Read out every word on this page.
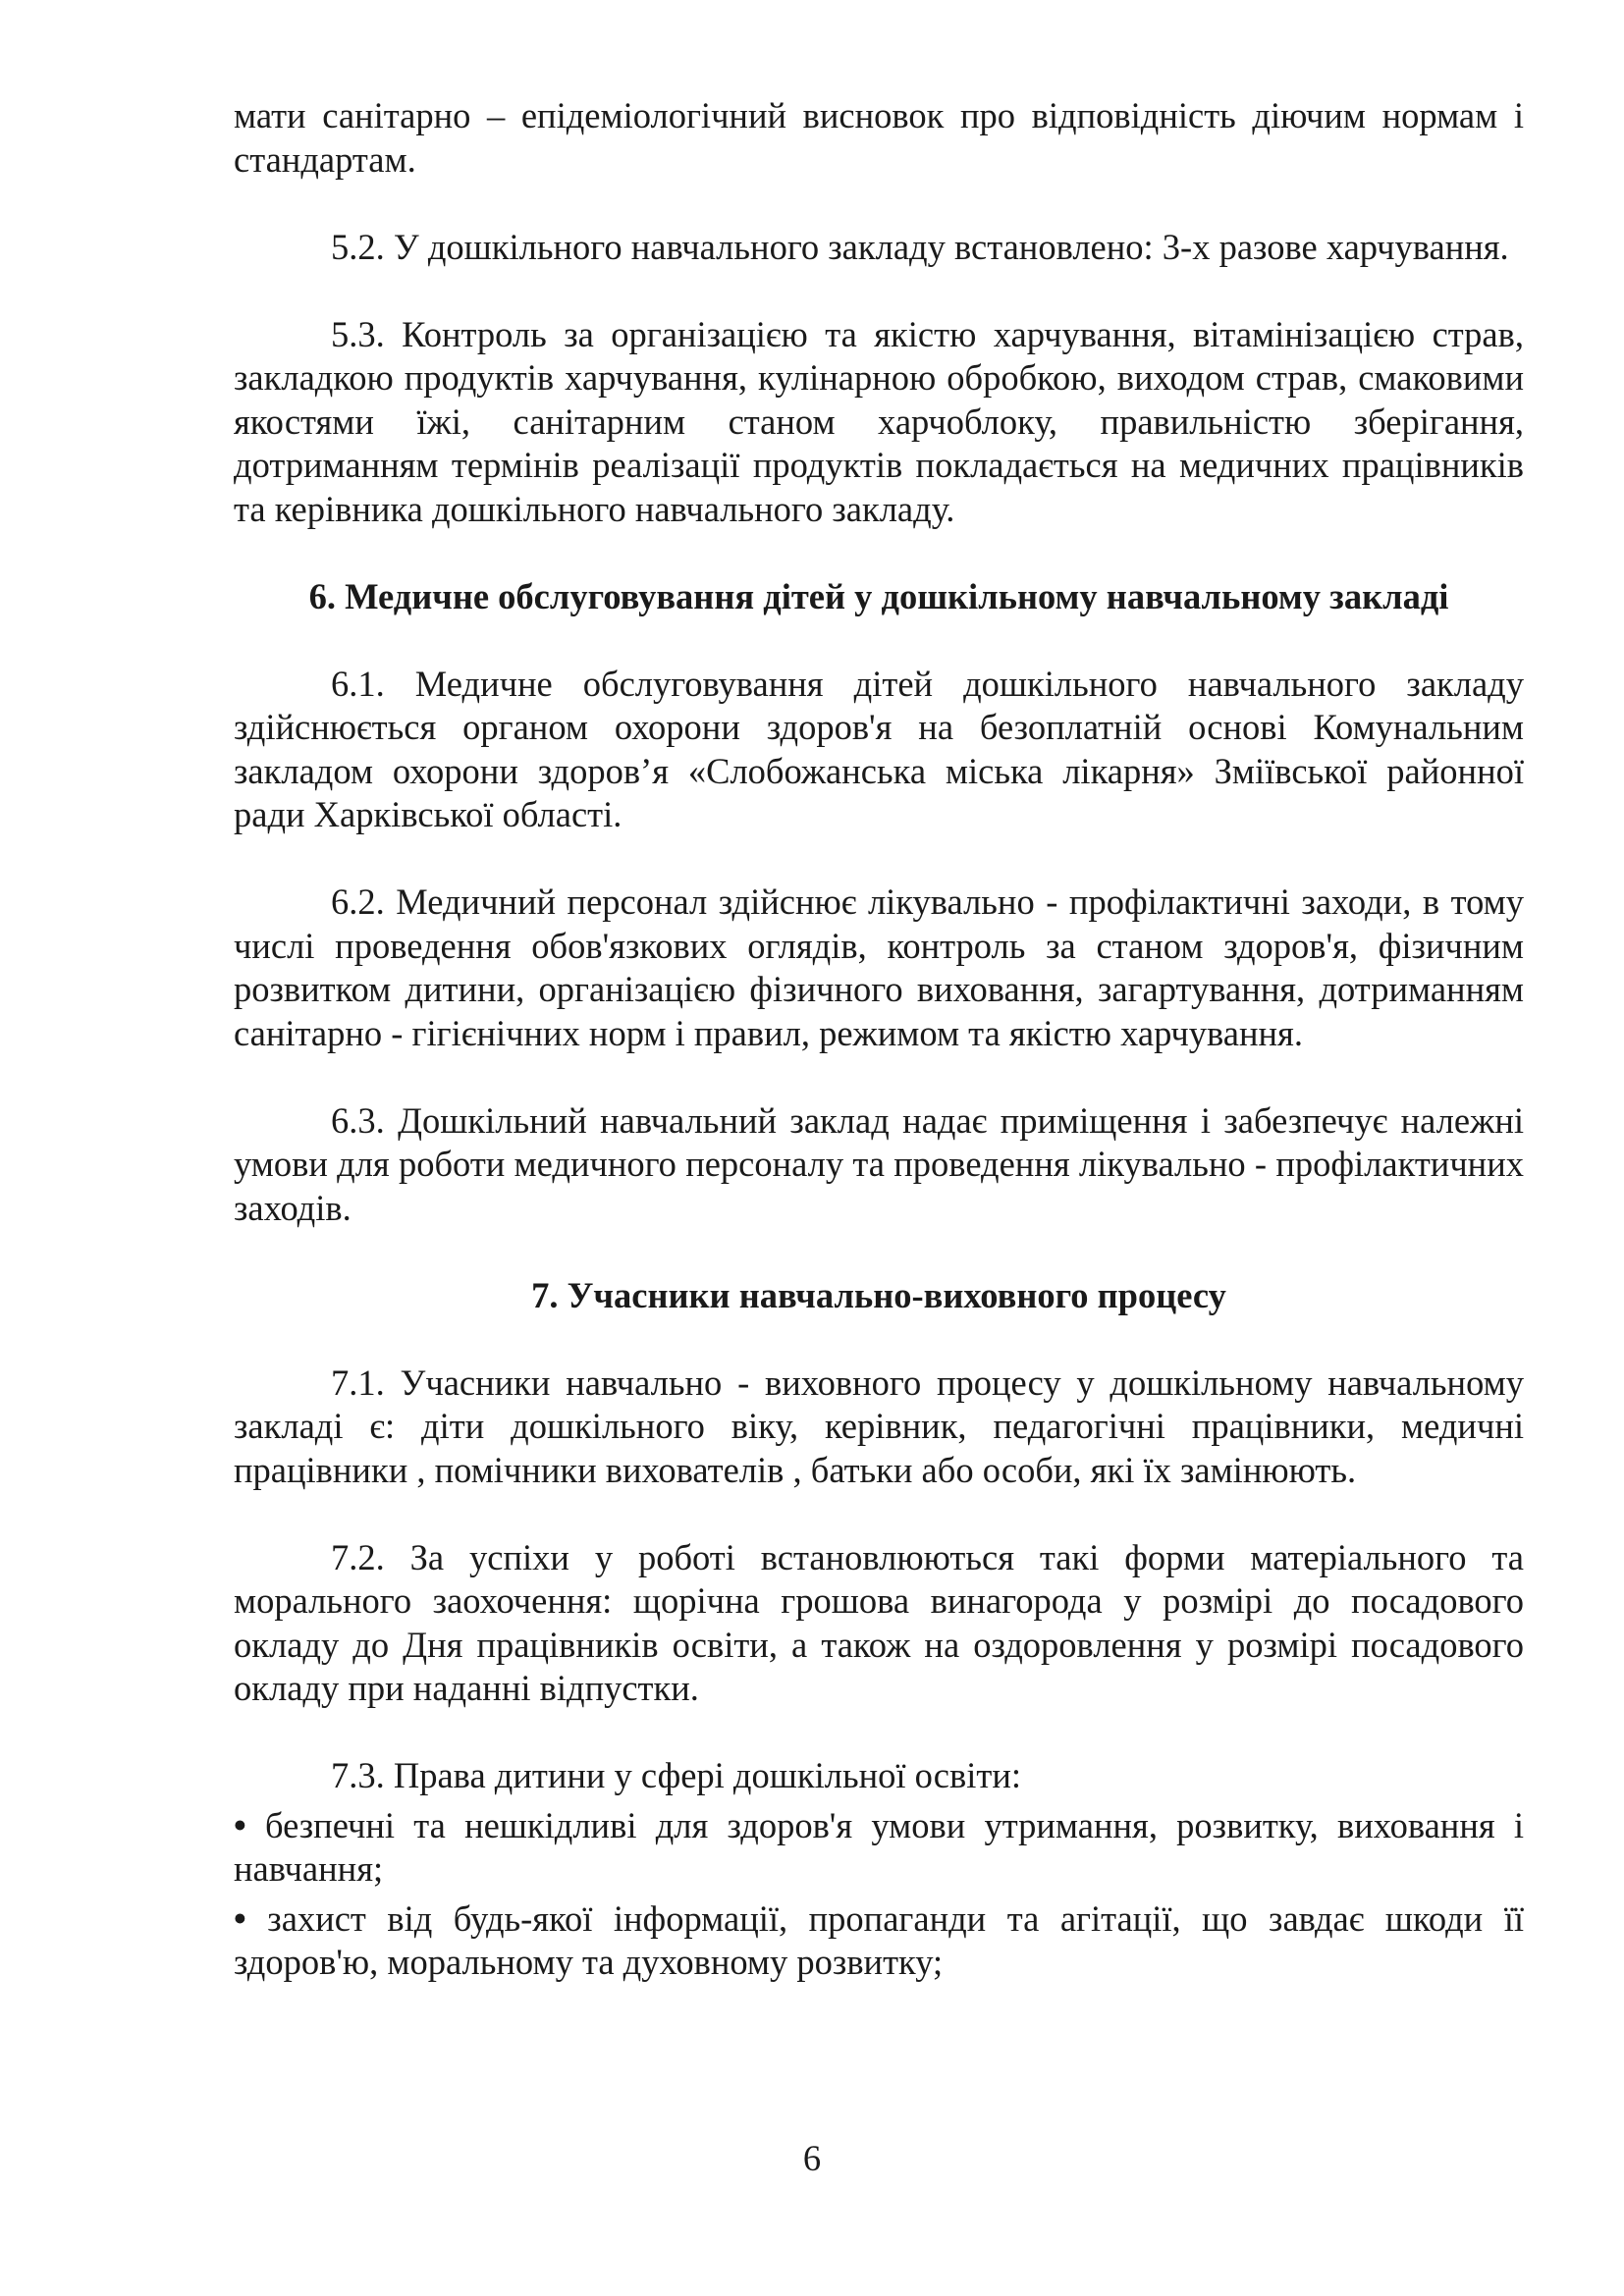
мати санітарно – епідеміологічний висновок про відповідність діючим нормам і стандартам.

5.2. У дошкільного навчального закладу встановлено: 3-х разове харчування.

5.3. Контроль за організацією та якістю харчування, вітамінізацією страв, закладкою продуктів харчування, кулінарною обробкою, виходом страв, смаковими якостями їжі, санітарним станом харчоблоку, правильністю зберігання, дотриманням термінів реалізації продуктів покладається на медичних працівників та керівника дошкільного навчального закладу.

6. Медичне обслуговування дітей у дошкільному навчальному закладі

6.1. Медичне обслуговування дітей дошкільного навчального закладу здійснюється органом охорони здоров'я на безоплатній основі Комунальним закладом охорони здоров’я «Слобожанська міська лікарня» Зміївської районної ради Харківської області.

6.2. Медичний персонал здійснює лікувально - профілактичні заходи, в тому числі проведення обов'язкових оглядів, контроль за станом здоров'я, фізичним розвитком дитини, організацією фізичного виховання, загартування, дотриманням санітарно - гігієнічних норм і правил, режимом та якістю харчування.

6.3. Дошкільний навчальний заклад надає приміщення і забезпечує належні умови для роботи медичного персоналу та проведення лікувально - профілактичних заходів.

7. Учасники навчально-виховного процесу

7.1. Учасники навчально - виховного процесу у дошкільному навчальному закладі є: діти дошкільного віку, керівник, педагогічні працівники, медичні працівники , помічники вихователів , батьки або особи, які їх замінюють.

7.2. За успіхи у роботі встановлюються такі форми матеріального та морального заохочення: щорічна грошова винагорода у розмірі до посадового окладу до Дня працівників освіти, а також на оздоровлення у розмірі посадового окладу при наданні відпустки.

7.3. Права дитини у сфері дошкільної освіти:

• безпечні та нешкідливі для здоров'я умови утримання, розвитку, виховання і навчання;

• захист від будь-якої інформації, пропаганди та агітації, що завдає шкоди її здоров'ю, моральному та духовному розвитку;

6
